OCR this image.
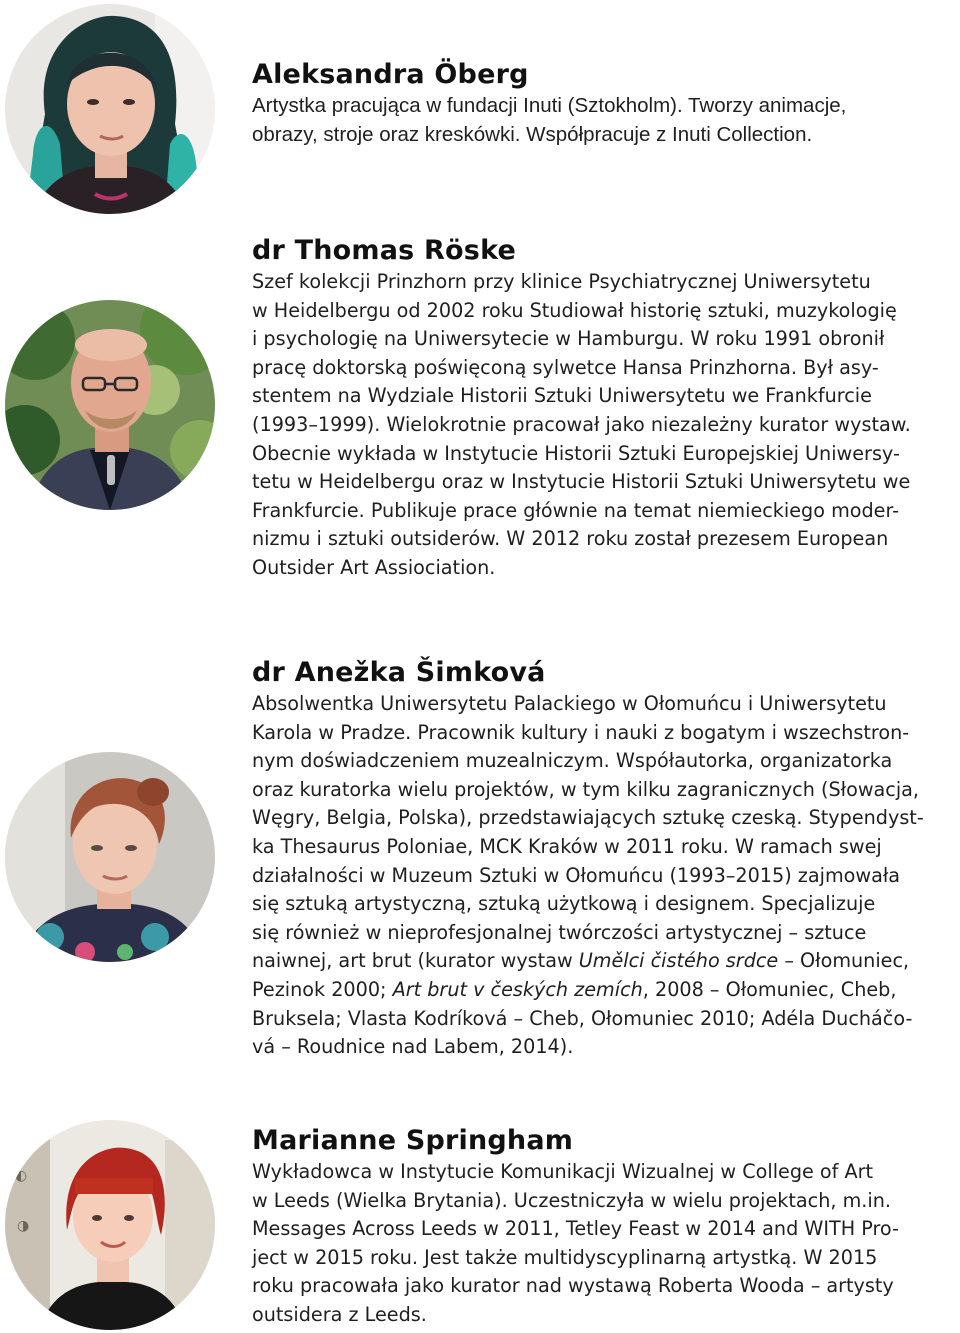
Aleksandra Öberg

Artystka pracująca w fundacji Inuti (Sztokholm). Tworzy animacje,
obrazy, stroje oraz kreskówki. Współpracuje z Inuti Collection.

dr Thomas Röske

Szef kolekcji Prinzhorn przy klinice Psychiatrycznej Uniwersytetu
w Heidelbergu od 2002 roku Studiował historię sztuki, muzykologię
i psychologię na Uniwersytecie w Hamburgu. W roku 1991 obronił
pracę doktorską poświęconą sylwetce Hansa Prinzhorna. Był asy-
stentem na Wydziale Historii Sztuki Uniwersytetu we Frankfurcie
(1993–1999). Wielokrotnie pracował jako niezależny kurator wystaw.
Obecnie wykłada w Instytucie Historii Sztuki Europejskiej Uniwersy-
tetu w Heidelbergu oraz w Instytucie Historii Sztuki Uniwersytetu we
Frankfurcie. Publikuje prace głównie na temat niemieckiego moder-
nizmu i sztuki outsiderów. W 2012 roku został prezesem European
Outsider Art Assiociation.

dr Anežka Šimková

Absolwentka Uniwersytetu Palackiego w Ołomuńcu i Uniwersytetu
Karola w Pradze. Pracownik kultury i nauki z bogatym i wszechstron-
nym doświadczeniem muzealniczym. Współautorka, organizatorka
oraz kuratorka wielu projektów, w tym kilku zagranicznych (Słowacja,
Węgry, Belgia, Polska), przedstawiających sztukę czeską. Stypendyst-
ka Thesaurus Poloniae, MCK Kraków w 2011 roku. W ramach swej
działalności w Muzeum Sztuki w Ołomuńcu (1993–2015) zajmowała
się sztuką artystyczną, sztuką użytkową i designem. Specjalizuje
się również w nieprofesjonalnej twórczości artystycznej – sztuce
naiwnej, art brut (kurator wystaw Umělci čistého srdce – Ołomuniec,
Pezinok 2000; Art brut v českých zemích, 2008 – Ołomuniec, Cheb,
Bruksela; Vlasta Kodríková – Cheb, Ołomuniec 2010; Adéla Ducháčo-
vá – Roudnice nad Labem, 2014).

◐
◑
Marianne Springham

Wykładowca w Instytucie Komunikacji Wizualnej w College of Art
w Leeds (Wielka Brytania). Uczestniczyła w wielu projektach, m.in.
Messages Across Leeds w 2011, Tetley Feast w 2014 and WITH Pro-
ject w 2015 roku. Jest także multidyscyplinarną artystką. W 2015
roku pracowała jako kurator nad wystawą Roberta Wooda – artysty
outsidera z Leeds.
